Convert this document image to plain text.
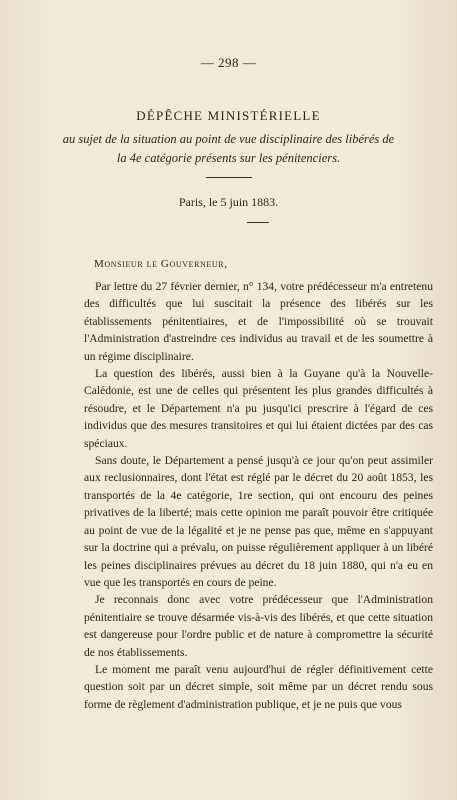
— 298 —
DÉPÊCHE MINISTÉRIELLE
au sujet de la situation au point de vue disciplinaire des libérés de la 4e catégorie présents sur les pénitenciers.
Paris, le 5 juin 1883.
Monsieur le Gouverneur,

Par lettre du 27 février dernier, n° 134, votre prédécesseur m'a entretenu des difficultés que lui suscitait la présence des libérés sur les établissements pénitentiaires, et de l'impossibilité où se trouvait l'Administration d'astreindre ces individus au travail et de les soumettre à un régime disciplinaire.

La question des libérés, aussi bien à la Guyane qu'à la Nouvelle-Calédonie, est une de celles qui présentent les plus grandes difficultés à résoudre, et le Département n'a pu jusqu'ici prescrire à l'égard de ces individus que des mesures transitoires et qui lui étaient dictées par des cas spéciaux.

Sans doute, le Département a pensé jusqu'à ce jour qu'on peut assimiler aux reclusionnaires, dont l'état est réglé par le décret du 20 août 1853, les transportés de la 4e catégorie, 1re section, qui ont encouru des peines privatives de la liberté; mais cette opinion me paraît pouvoir être critiquée au point de vue de la légalité et je ne pense pas que, même en s'appuyant sur la doctrine qui a prévalu, on puisse régulièrement appliquer à un libéré les peines disciplinaires prévues au décret du 18 juin 1880, qui n'a eu en vue que les transportés en cours de peine.

Je reconnais donc avec votre prédécesseur que l'Administration pénitentiaire se trouve désarmée vis-à-vis des libérés, et que cette situation est dangereuse pour l'ordre public et de nature à compromettre la sécurité de nos établissements.

Le moment me paraît venu aujourd'hui de régler définitivement cette question soit par un décret simple, soit même par un décret rendu sous forme de règlement d'administration publique, et je ne puis que vous
